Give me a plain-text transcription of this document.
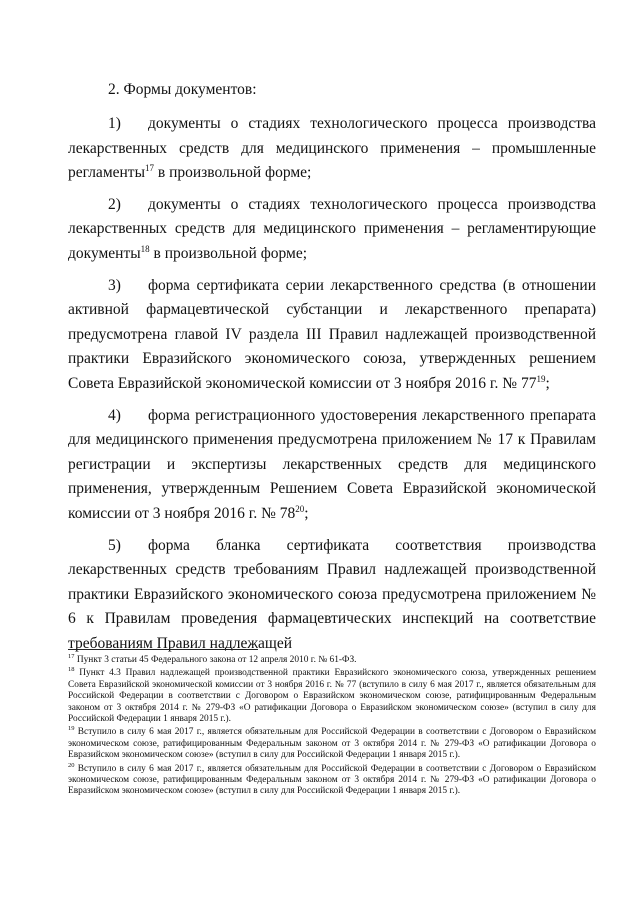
2. Формы документов:

1) документы о стадиях технологического процесса производства лекарственных средств для медицинского применения – промышленные регламенты$^{17}$ в произвольной форме;

2) документы о стадиях технологического процесса производства лекарственных средств для медицинского применения – регламентирующие документы$^{18}$ в произвольной форме;

3) форма сертификата серии лекарственного средства (в отношении активной фармацевтической субстанции и лекарственного препарата) предусмотрена главой IV раздела III Правил надлежащей производственной практики Евразийского экономического союза, утвержденных решением Совета Евразийской экономической комиссии от 3 ноября 2016 г. № $77^{19}$;

4) форма регистрационного удостоверения лекарственного препарата для медицинского применения предусмотрена приложением № 17 к Правилам регистрации и экспертизы лекарственных средств для медицинского применения, утвержденным Решением Совета Евразийской экономической комиссии от 3 ноября 2016 г. № $78^{20}$;

5) форма бланка сертификата соответствия производства лекарственных средств требованиям Правил надлежащей производственной практики Евразийского экономического союза предусмотрена приложением № 6 к Правилам проведения фармацевтических инспекций на соответствие требованиям Правил надлежащей

$^{17}$ Пункт 3 статьи 45 Федерального закона от 12 апреля 2010 г. № 61-ФЗ.

$^{18}$ Пункт 4.3 Правил надлежащей производственной практики Евразийского экономического союза, утвержденных решением Совета Евразийской экономической комиссии от 3 ноября 2016 г. № 77 (вступило в силу 6 мая 2017 г., является обязательным для Российской Федерации в соответствии с Договором о Евразийском экономическом союзе, ратифицированным Федеральным законом от 3 октября 2014 г. № 279-ФЗ «О ратификации Договора о Евразийском экономическом союзе» (вступил в силу для Российской Федерации 1 января 2015 г.).

$^{19}$ Вступило в силу 6 мая 2017 г., является обязательным для Российской Федерации в соответствии с Договором о Евразийском экономическом союзе, ратифицированным Федеральным законом от 3 октября 2014 г. № 279-ФЗ «О ратификации Договора о Евразийском экономическом союзе» (вступил в силу для Российской Федерации 1 января 2015 г.).

$^{20}$ Вступило в силу 6 мая 2017 г., является обязательным для Российской Федерации в соответствии с Договором о Евразийском экономическом союзе, ратифицированным Федеральным законом от 3 октября 2014 г. № 279-ФЗ «О ратификации Договора о Евразийском экономическом союзе» (вступил в силу для Российской Федерации 1 января 2015 г.).
